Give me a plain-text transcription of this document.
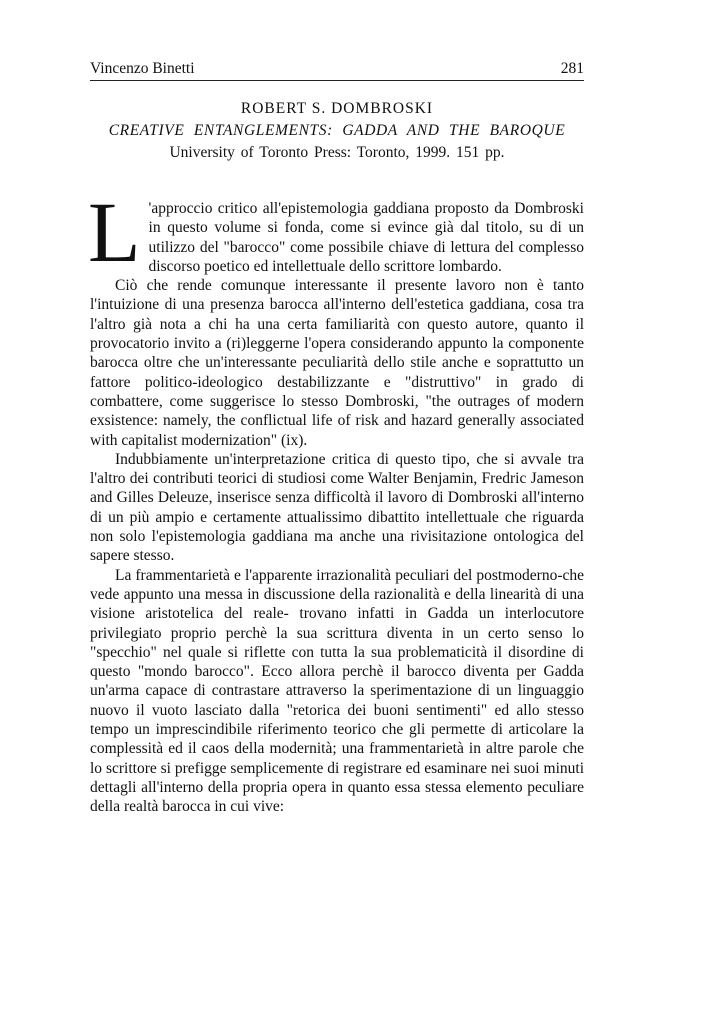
Vincenzo Binetti	281
ROBERT S. DOMBROSKI
CREATIVE ENTANGLEMENTS: GADDA AND THE BAROQUE
University of Toronto Press: Toronto, 1999. 151 pp.

L 'approccio critico all'epistemologia gaddiana proposto da Dombroski in questo volume si fonda, come si evince già dal titolo, su di un utilizzo del "barocco" come possibile chiave di lettura del complesso discorso poetico ed intellettuale dello scrittore lombardo.

Ciò che rende comunque interessante il presente lavoro non è tanto l'intuizione di una presenza barocca all'interno dell'estetica gaddiana, cosa tra l'altro già nota a chi ha una certa familiarità con questo autore, quanto il provocatorio invito a (ri)leggerne l'opera considerando appunto la componente barocca oltre che un'interessante peculiarità dello stile anche e soprattutto un fattore politico-ideologico destabilizzante e "distruttivo" in grado di combattere, come suggerisce lo stesso Dombroski, "the outrages of modern exsistence: namely, the conflictual life of risk and hazard generally associated with capitalist modernization" (ix).

Indubbiamente un'interpretazione critica di questo tipo, che si avvale tra l'altro dei contributi teorici di studiosi come Walter Benjamin, Fredric Jameson and Gilles Deleuze, inserisce senza difficoltà il lavoro di Dombroski all'interno di un più ampio e certamente attualissimo dibattito intellettuale che riguarda non solo l'epistemologia gaddiana ma anche una rivisitazione ontologica del sapere stesso.

La frammentarietà e l'apparente irrazionalità peculiari del postmoderno-che vede appunto una messa in discussione della razionalità e della linearità di una visione aristotelica del reale- trovano infatti in Gadda un interlocutore privilegiato proprio perchè la sua scrittura diventa in un certo senso lo "specchio" nel quale si riflette con tutta la sua problematicità il disordine di questo "mondo barocco". Ecco allora perchè il barocco diventa per Gadda un'arma capace di contrastare attraverso la sperimentazione di un linguaggio nuovo il vuoto lasciato dalla "retorica dei buoni sentimenti" ed allo stesso tempo un imprescindibile riferimento teorico che gli permette di articolare la complessità ed il caos della modernità; una frammentarietà in altre parole che lo scrittore si prefigge semplicemente di registrare ed esaminare nei suoi minuti dettagli all'interno della propria opera in quanto essa stessa elemento peculiare della realtà barocca in cui vive:
